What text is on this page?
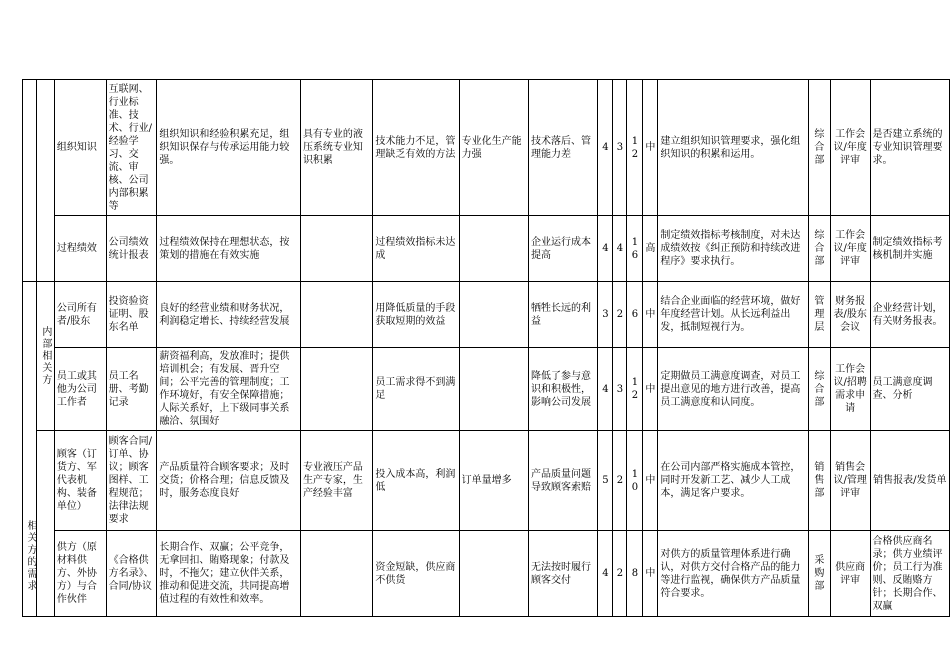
		组织知识	互联网、行业标准、技术、行业/经验学习、交流、审核、公司内部积累等	组织知识和经验积累充足，组织知识保存与传承运用能力较强。	具有专业的液压系统专业知识积累	技术能力不足，管理缺乏有效的方法	专业化生产能力强	技术落后、管理能力差	4	3	12	中	建立组织知识管理要求，强化组织知识的积累和运用。	综合部	工作会议/年度评审	是否建立系统的专业知识管理要求。
		过程绩效	公司绩效统计报表	过程绩效保持在理想状态，按策划的措施在有效实施		过程绩效指标未达成		企业运行成本提高	4	4	16	高	制定绩效指标考核制度，对未达成绩效按《纠正预防和持续改进程序》要求执行。	综合部	工作会议/年度评审	制定绩效指标考核机制并实施
	内部相关方	公司所有者/股东	投资验资证明、股东名单	良好的经营业绩和财务状况，利润稳定增长、持续经营发展		用降低质量的手段获取短期的效益		牺牲长远的利益	3	2	6	中	结合企业面临的经营环境，做好年度经营计划。从长远利益出发，抵制短视行为。	管理层	财务报表/股东会议	企业经营计划，有关财务报表。
		员工或其他为公司工作者	员工名册、考勤记录	薪资福利高，发放准时；提供培训机会；有发展、晋升空间；公平完善的管理制度；工作环境好，有安全保障措施；人际关系好，上下级同事关系融洽、氛围好		员工需求得不到满足		降低了参与意识和积极性，影响公司发展	4	3	12	中	定期做员工满意度调查，对员工提出意见的地方进行改善，提高员工满意度和认同度。	综合部	工作会议/招聘需求申请	员工满意度调查、分析
		顾客（订货方、军代表机构、装备单位）	顾客合同/订单、协议；顾客图样、工程规范；法律法规要求	产品质量符合顾客要求；及时交货；价格合理；信息反馈及时，服务态度良好	专业液压产品生产专家，生产经验丰富	投入成本高，利润低	订单量增多	产品质量问题导致顾客索赔	5	2	10	中	在公司内部严格实施成本管控，同时开发新工艺、减少人工成本，满足客户要求。	销售部	销售会议/管理评审	销售报表/发货单
		供方（原材料供方、外协方）与合作伙伴	《合格供方名录》、合同/协议	长期合作、双赢；公平竞争，无拿回扣、賄赂现象；付款及时，不拖欠；建立伙伴关系，推动和促进交流，共同提高增值过程的有效性和效率。		资金短缺，供应商不供货		无法按时履行顾客交付	4	2	8	中	对供方的质量管理体系进行确认，对供方交付合格产品的能力等进行监视，确保供方产品质量符合要求。	采购部	供应商评审	合格供应商名录；供方业绩评价；员工行为准则、反賄赂方针；长期合作、双赢
相关方的需求
